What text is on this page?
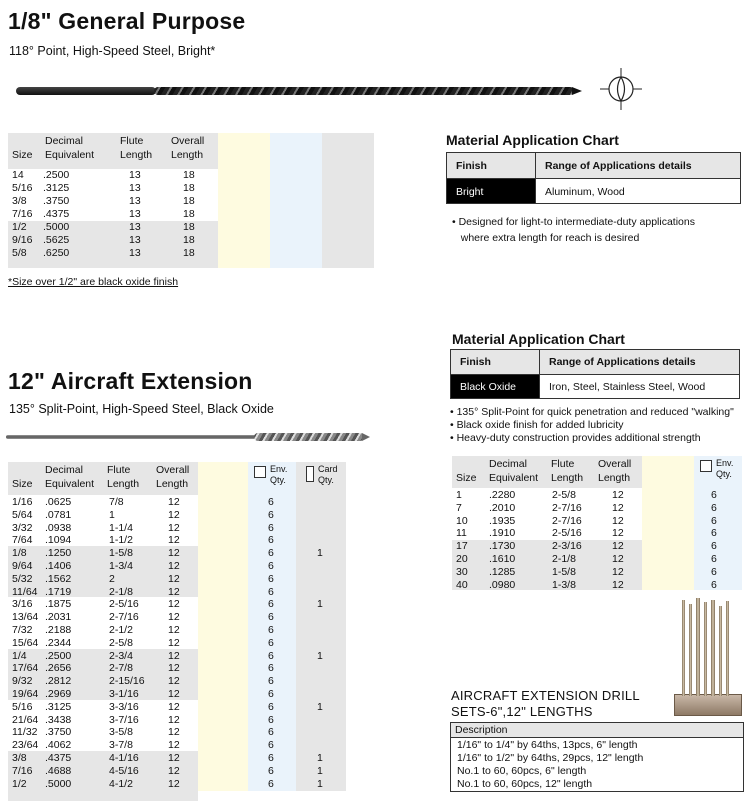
1/8" General Purpose
118° Point, High-Speed Steel, Bright*
Size
Decimal
Equivalent
Flute
Length
Overall
Length
14 .2500	13	18
5/16 .3125	13	18
3/8 .3750	13	18
7/16 .4375	13	18
1/2 .5000	13	18
9/16 .5625	13	18
5/8 .6250	13	18
*Size over 1/2" are black oxide finish
Material Application Chart
Finish	Range of Applications details
Bright	Aluminum, Wood
• Designed for light-to intermediate-duty applications
where extra length for reach is desired
12" Aircraft Extension
135° Split-Point, High-Speed Steel, Black Oxide
Size
Decimal
Equivalent
Flute
Length
Overall
Length
Env.
Qty.
Card
Qty.
1/16 .0625	7/8	12	6
5/64 .0781	1	12	6
3/32 .0938	1-1/4	12	6
7/64 .1094	1-1/2	12	6
1/8 .1250	1-5/8	12	6	1
9/64 .1406	1-3/4	12	6
5/32 .1562	2	12	6
11/64 .1719	2-1/8	12	6
3/16 .1875	2-5/16	12	6	1
13/64 .2031	2-7/16	12	6
7/32 .2188	2-1/2	12	6
15/64 .2344	2-5/8	12	6
1/4 .2500	2-3/4	12	6	1
17/64 .2656	2-7/8	12	6
9/32 .2812	2-15/16 12	6
19/64 .2969	3-1/16	12	6
5/16 .3125	3-3/16	12	6	1
21/64 .3438	3-7/16	12	6
11/32 .3750	3-5/8	12	6
23/64 .4062	3-7/8	12	6
3/8 .4375	4-1/16	12	6	1
7/16 .4688	4-5/16	12	6	1
1/2 .5000	4-1/2	12	6	1
Material Application Chart
Finish	Range of Applications details
Black Oxide	Iron, Steel, Stainless Steel, Wood
• 135° Split-Point for quick penetration and reduced "walking"
• Black oxide finish for added lubricity
• Heavy-duty construction provides additional strength
Size
Decimal
Equivalent
Flute
Length
Overall
Length
Env.
Qty.
1	.2280	2-5/8	12	6
7	.2010	2-7/16	12	6
10 .1935	2-7/16	12	6
11 .1910	2-5/16	12	6
17 .1730	2-3/16	12	6
20 .1610	2-1/8	12	6
30 .1285	1-5/8	12	6
40 .0980	1-3/8	12	6
AIRCRAFT EXTENSION DRILL
SETS-6",12" LENGTHS
Description
1/16" to 1/4" by 64ths, 13pcs, 6" length
1/16" to 1/2" by 64ths, 29pcs, 12" length
No.1 to 60, 60pcs, 6" length
No.1 to 60, 60pcs, 12" length
